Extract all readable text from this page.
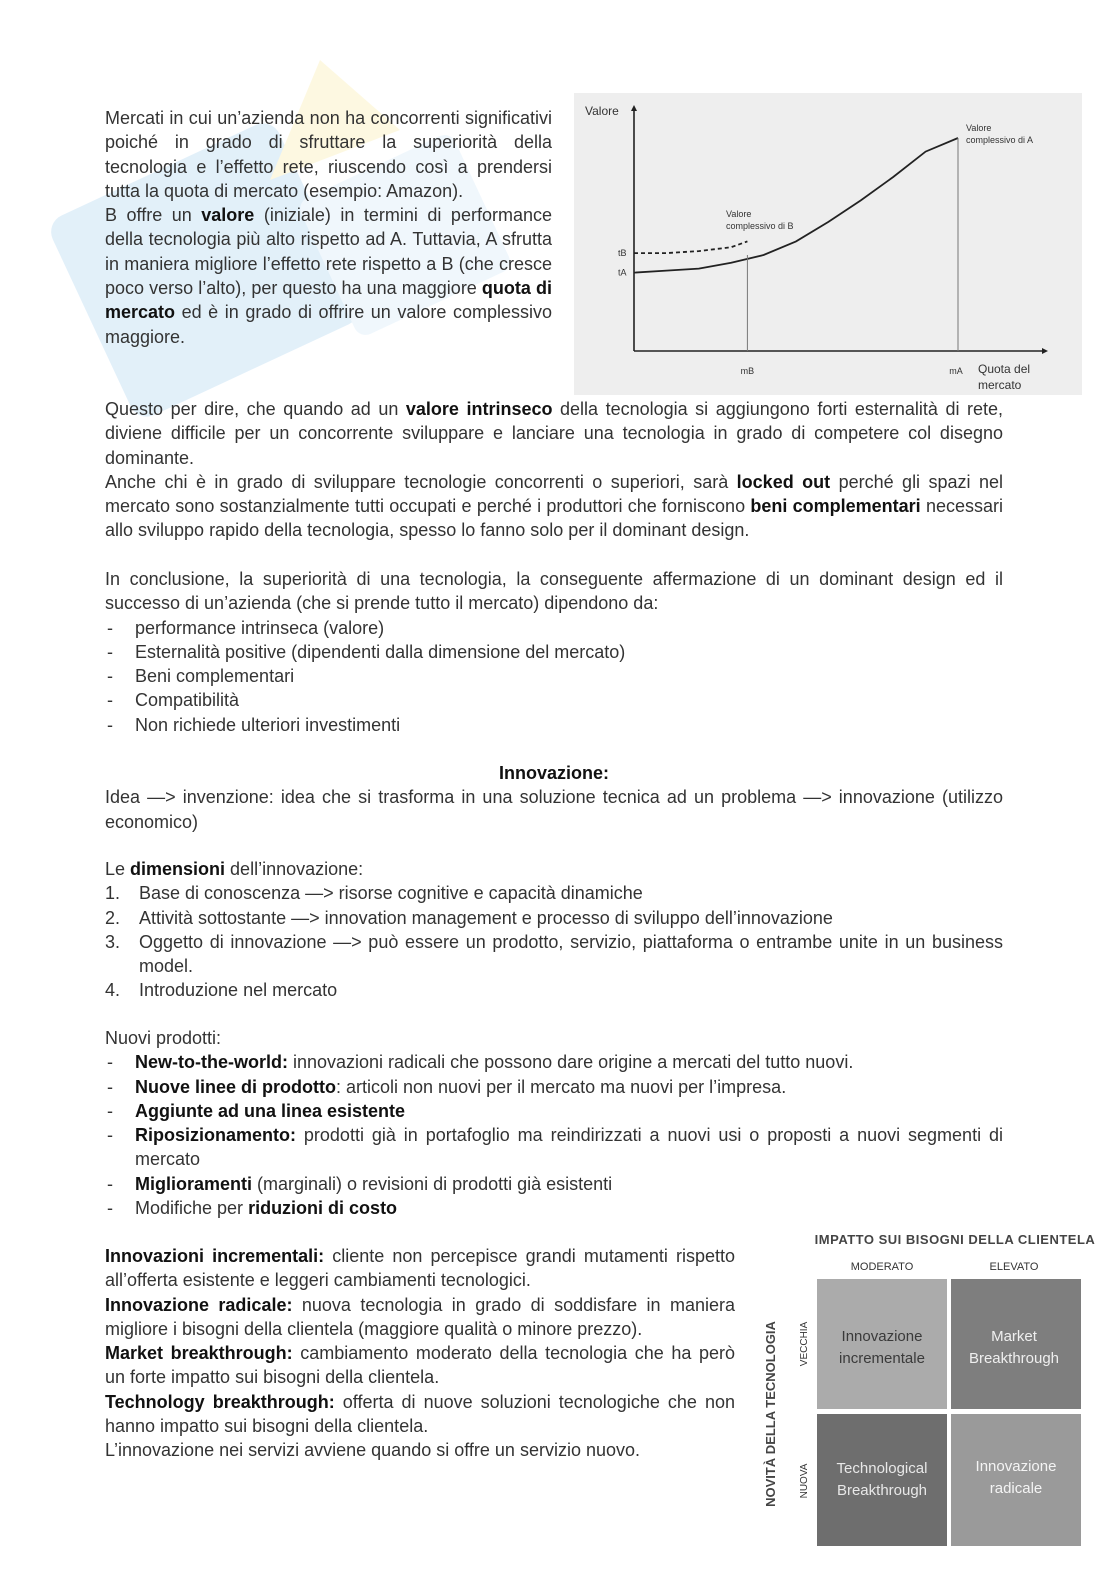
Mercati in cui un’azienda non ha concorrenti significativi poiché in grado di sfruttare la superiorità della tecnologia e l’effetto rete, riuscendo così a prendersi tutta la quota di mercato (esempio: Amazon).

B offre un valore (iniziale) in termini di performance della tecnologia più alto rispetto ad A. Tuttavia, A sfrutta in maniera migliore l’effetto rete rispetto a B (che cresce poco verso l’alto), per questo ha una maggiore quota di mercato ed è in grado di offrire un valore complessivo maggiore.

Valore
Quota del
mercato
tB
tA
mB	mA
Valore
complessivo di B
Valore
complessivo di A

Questo per dire, che quando ad un valore intrinseco della tecnologia si aggiungono forti esternalità di rete, diviene difficile per un concorrente sviluppare e lanciare una tecnologia in grado di competere col disegno dominante.

Anche chi è in grado di sviluppare tecnologie concorrenti o superiori, sarà locked out perché gli spazi nel mercato sono sostanzialmente tutti occupati e perché i produttori che forniscono beni complementari necessari allo sviluppo rapido della tecnologia, spesso lo fanno solo per il dominant design.

In conclusione, la superiorità di una tecnologia, la conseguente affermazione di un dominant design ed il successo di un’azienda (che si prende tutto il mercato) dipendono da:

- performance intrinseca (valore)
- Esternalità positive (dipendenti dalla dimensione del mercato)
- Beni complementari
- Compatibilità
- Non richiede ulteriori investimenti

Innovazione:

Idea —> invenzione: idea che si trasforma in una soluzione tecnica ad un problema —> innovazione (utilizzo economico)

Le dimensioni dell’innovazione:

1. Base di conoscenza —> risorse cognitive e capacità dinamiche
2. Attività sottostante —> innovation management e processo di sviluppo dell’innovazione
3. Oggetto di innovazione —> può essere un prodotto, servizio, piattaforma o entrambe unite in un business model.
4. Introduzione nel mercato

Nuovi prodotti:

- New-to-the-world: innovazioni radicali che possono dare origine a mercati del tutto nuovi.
- Nuove linee di prodotto: articoli non nuovi per il mercato ma nuovi per l’impresa.
- Aggiunte ad una linea esistente
- Riposizionamento: prodotti già in portafoglio ma reindirizzati a nuovi usi o proposti a nuovi segmenti di mercato
- Miglioramenti (marginali) o revisioni di prodotti già esistenti
- Modifiche per riduzioni di costo

Innovazioni incrementali: cliente non percepisce grandi mutamenti rispetto all’offerta esistente e leggeri cambiamenti tecnologici.

Innovazione radicale: nuova tecnologia in grado di soddisfare in maniera migliore i bisogni della clientela (maggiore qualità o minore prezzo).

Market breakthrough: cambiamento moderato della tecnologia che ha però un forte impatto sui bisogni della clientela.

Technology breakthrough: offerta di nuove soluzioni tecnologiche che non hanno impatto sui bisogni della clientela.

L’innovazione nei servizi avviene quando si offre un servizio nuovo.

IMPATTO SUI BISOGNI DELLA CLIENTELA
MODERATO	ELEVATO
NOVITÀ DELLA TECNOLOGIA VECCHIA
NUOVA
Innovazione
incrementale
Market
Breakthrough
Technological
Breakthrough
Innovazione
radicale
